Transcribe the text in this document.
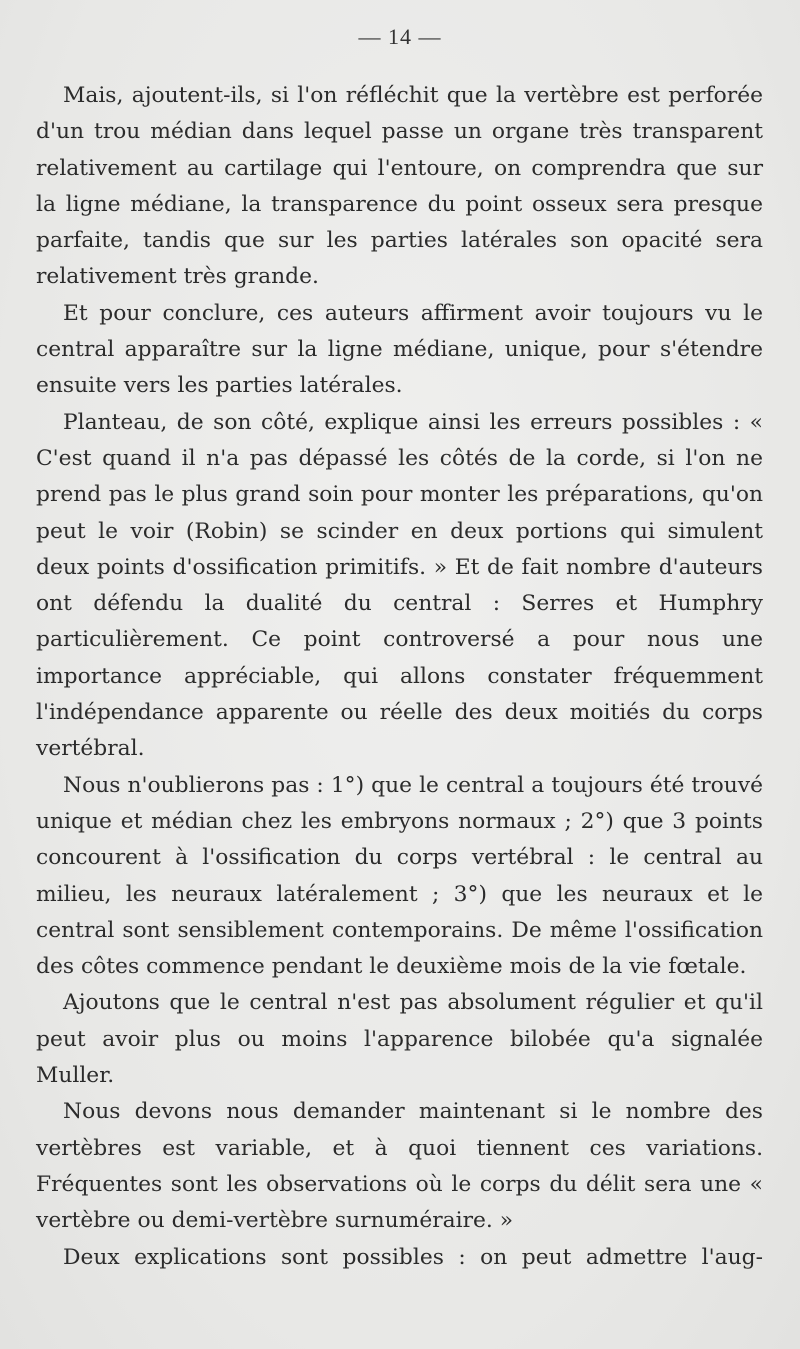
— 14 —

Mais, ajoutent-ils, si l'on réfléchit que la vertèbre est perforée d'un trou médian dans lequel passe un organe très transparent relativement au cartilage qui l'entoure, on comprendra que sur la ligne médiane, la transparence du point osseux sera presque parfaite, tandis que sur les parties latérales son opacité sera relativement très grande.

Et pour conclure, ces auteurs affirment avoir toujours vu le central apparaître sur la ligne médiane, unique, pour s'étendre ensuite vers les parties latérales.

Planteau, de son côté, explique ainsi les erreurs possibles : « C'est quand il n'a pas dépassé les côtés de la corde, si l'on ne prend pas le plus grand soin pour monter les préparations, qu'on peut le voir (Robin) se scinder en deux portions qui simulent deux points d'ossification primitifs. » Et de fait nombre d'auteurs ont défendu la dualité du central : Serres et Humphry particulièrement. Ce point controversé a pour nous une importance appréciable, qui allons constater fréquemment l'indépendance apparente ou réelle des deux moitiés du corps vertébral.

Nous n'oublierons pas : 1°) que le central a toujours été trouvé unique et médian chez les embryons normaux ; 2°) que 3 points concourent à l'ossification du corps vertébral : le central au milieu, les neuraux latéralement ; 3°) que les neuraux et le central sont sensiblement contemporains. De même l'ossification des côtes commence pendant le deuxième mois de la vie fœtale.

Ajoutons que le central n'est pas absolument régulier et qu'il peut avoir plus ou moins l'apparence bilobée qu'a signalée Muller.

Nous devons nous demander maintenant si le nombre des vertèbres est variable, et à quoi tiennent ces variations. Fréquentes sont les observations où le corps du délit sera une « vertèbre ou demi-vertèbre surnuméraire. »

Deux explications sont possibles : on peut admettre l'aug-
